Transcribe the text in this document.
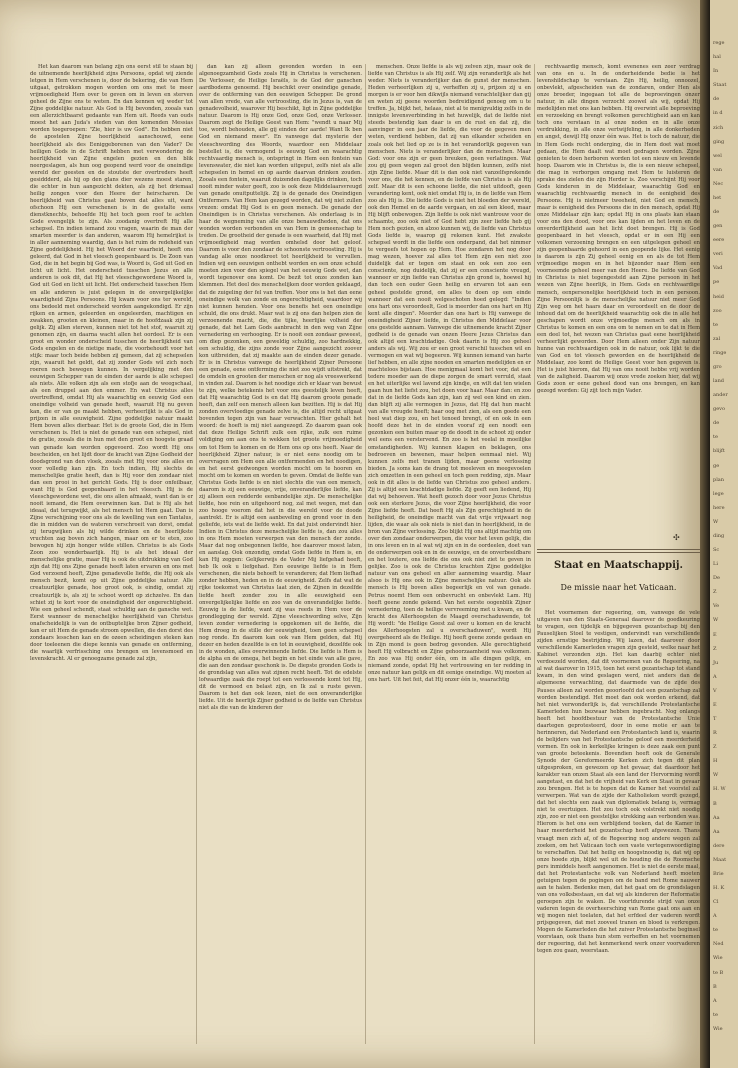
Het kan daarom van belang zijn ons eerst stil te staan bij de uitnemende heerlijkheid zijns Persoons, opdat wij ziende letgen in Hem verschenen is, door de bekering, die van Hem uitgaat, getrokken mogen worden om ons met te meer vrijmoedigheid Hem over te geven om in leven en sterven geheel de Zijne ons te weten. En dan kennen wij weder tot Zijne goddelijke natuur. Als God is Hij bevonden, zooals van een allerzichtbaarst gedaante van Hem uit. Reeds van ouds moest het aan Juda's steden van den komenden Messias worden toegeroepen: "Zie, hier is uw God". En hebben niet de apostelen Zijne heerlijkheid aanschouwd, eene heerlijkheid als des Eeniggeborenen van den Vader? De heiligen Gods in de Schrift hebben met verwondering de heerlijkheid van Zijne engelen gezien en den blik neergeslagen, als hun oog geopend werd voor de oneindige wereld der geesten en de stoutste der overtreders heeft gesiddderd, als hij op den glans dier wezens moest staren, die echter in hun aangezicht dekten, als zij het driemaal heilig zongen voor den Heere der heirscharen. De heerlijkheid van Christus gaat boven dat alles uit, want ofschoon Hij een verschenen is in de gestalte eens dienstknechts, behoefde Hij het toch geen roof te achten Gode evengelijk te zijn. Als zoodanig overtreft Hij alle schepsel. En indien iemand zou vragen, waarin de man der smarten meerder is dan anderen, waarom Hij hemelrijkst is in aller aanneming waardig, dan is het ruim de redeheid van Zijne goddelijkheid. Hij het Woord der waarheid, heeft ons geleerd, dat God in het vleesch geopenbaard is. De Zoon van God, die in het begin bij God was, is Woord is, God uit God en licht uit licht. Het onderscheid tusschen Jezus en alle anderen is ook dit, dat Hij het vleeschgewordene Woord is, God uit God en licht uit licht. Het onderscheid tusschen Hem en alle anderen is juist gelegen in de onvergelijkelijke waardigheid Zijns Persoons. Hij kwam voor ons ter wereld, ons bedeeld met onderscheid worden aangekondigd. Er zijn rijken en armen, geleerden en ongeleerden, machtigen en zwakken, grooten en kleinen, maar in de hoofdzaak zijn zij gelijk. Zij allen sterven, kunnen niet tot het stof, waaruit zij genomen zijn, en daarna wacht allen het oordeel. Er is een groot en wonder onderscheid tusschen de heerlijkheid van Gods engelen en de nietige made, die voorbehoudt voor het stijk: maar toch beide hebben zij gemeen, dat zij schepselen zijn, waaruit het geldt, dat zij zonder Gods wil zich noch roeren noch bewegen kunnen. In vergelijking met den eeuwigen Schepper van de einden der aarde is alle schepsel als niets. Alle volken zijn als een stofje aan de weegschaal, als een druppel aan den emmer. En wat Christus alles overtreffend, omdat Hij als waarachtig en eeuwig God een oneindige volheid van genade heeft, waaruit Hij nu geven kan, die er van ge maakt hebben, verheerlijkt is als God in prijzen in alle eeuwigheid. Zijne goddelijke natuur maakt Hem boven alles dierbaar. Het is de groote God, die in Hem verschenen is. Het is niet de genade van een schepsel, niet de gratie, zooals die in hun met den groot en hoogste graad van genade kan worden opgevoerd. Zoo wordt Hij ons bescheiden, en het lijdt door de kracht van Zijne Godheid der doodsgrond van den vloek, zooals met Hij voor ons alles en voor volledig kan zijn. En toch indien, Hij slechts de menschelijke gratie heeft, dan is Hij voor den zondaar niet dan een prooi in het gericht Gods. Hij is door onfeilbaar, want Hij is God geopenbaard in het vleesch. Hij is de vleeschgewordene wet, die ons allen afmaakt, want dan is er nooit iemand, die Hem overwinnen kan. Dat is Hij als het ideaal, dat terugwijkt, als het mensch tot Hem gaat. Dan is Zijne verschijning voor ons als de kwelling van een Tantalus, die in midden van de wateren verschroeit van dorst, omdat zij terugwijken als hij wilde drinken en de heerlijkste vruchten zag boven zich hangen, maar om er te eten, zoo bewogen hij zijn honger wilde stillen. Christus is als Gods Zoon zoo wonderbaarlijk. Hij is als het ideaal der menschelijke gratie, maar Hij is ook de uitdrukking van God zijn dat Hij ons Zijne genade heeft laten ervaren en ons met God verzoend heeft, Zijne genadevolle liefde, die Hij ook als mensch bezit, komt op uit Zijne goddelijke natuur. Alle creatuurlijke genade, hoe groot ook, is eindig, omdat zij creatuurlijk is, als zij te schoot wordt op zichzelve. En dan schiet zij te kort voor de oneindigheid der ongerechtigheid. Wie een geheel schendt, staat schuldig aan de gansche wet. Eerst wanneer de menschelijke heerlijkheid van Christus onafscheidelijk is van de ontbuptelijke bron Zijner godheid, kan er uit Hem de genade stroom opwellen, die den dorst des zondaars lesschen kan en de ozeen scheidingen steken kan door toeleenen die diepe kennis van genade en ontferming, die waarlijk verfrissching ons brengen en levensmoed en levenskracht. Al er genoegzame genade zal zijn,

dan kan zij alleen gevonden worden in een algenoegzamheid Gods zoals Hij in Christus is verschenen. De Verlosser, de Heilige Israëls, is de God der ganschen aardbodems genoemd. Hij beschikt over oneindige genade, over de ontferming van den eeuwigen Schepper. De grond van allen vrede, van alle vertroosting, die in Jezus is, van de genadevolheid, waarover Hij beschikt, ligt in Zijne goddelijke natuur. Daarom is Hij onze God, onze God, onze Verlosser. Daarom zegt de Heilige Geest van Hem: "wendt u naar Mij toe, wordt behouden, alle gij einden der aarde! Want Ik ben God en niemand meer". En vanwege dat mysterie der vleeschwording des Woords, waardoor een Middelaar bestellet is, die vermogend is eeuwig God en waarachtig rechtvaardig mensch is, ontspringt in Hem een fontein van levenswater, die niet kan worden uitgeput, zelfs niet als alle schepselen in hemel en op aarde daarvan drinken zouden. Zooals een fontein, waaruit duizenden dagelijks drinken, toch nooit minder water geeft, zoo is ook deze Middelaarsvreugd van genade onuitputtelijk. Zij is de genade des Oneindigen Ontfermers. Van Hem kan gezegd worden, dat wij niet zullen vrezen: omdat Hij God is en geen mensch. De genade der Oneindigen is in Christus verschenen. Als onderlaag is in haar de wegneming van alle onze benauwdheden, dat ons wonden worden verbonden en van Hem in gemeenschap te treden. De grootheid der genade is een waarheid, dat Hij met vrijmoedigheid mag worden omhelsd door het geloof. Daarom is voor den zondaar de schoonste vertroosting. Hij is vandag alle onze noodkreet tot heerlijkheid te vervullen. Indien wij een eeuwigen onthebt worden en een onze schuld moeten zien voor den spiegel van het eeuwig Gods wet, dan wordt tegenover ons komt. De bezit tot onze zonden kan klemmen. Het deel des menschelijken door worden geklaagd, dat de zuigeling der fel van treffen. Voor ons is het dan eene oneindige wolk van zonde en ongerechtigheid, waardoor wij niet kunnen henzien. Voor ons benefis het een oneindige schuld, die ons drukt. Maar wat is zij ons dan helpen zien de verzoenende macht, die, die tijke, heerlijke volheid der genade, dat het Lam Gods aanbracht in den weg van Zijne vernedering en verhooging. Er is nooit een zondaar geweest, om diep gezonken, een geweldig schuldig, zoo hardnekkig, een schuldig, die zijns zonde voor Zijne aangezicht zoover kon uitbreiden, dat zij maakte aan de einden dezer genade. Er is in Christus vanwege de heerlijkheid Zijner Persoone een genade, eene ontferming die niet zoo wijdt uitstrekt, dat de omdeln en grooten der menschen er nog als vreeswerkend in vinden zal. Daarom is het noodige zich er klaar van bewust te zijn, welke betekenis het voor ons geestelijk leven heeft, dat Hij waarachtig God is en dat Hij daarom groote genade heeft, dan zelf een mensch alleen kan bezitten. Hij is dat Hij zonden overvloedige genade zelve is, die altijd recht uitgaat bovenden tegen zijn van haar verwachten. Hier gehalt het woord: de hoeft is mij niet aangezegd. Zo daarom gaan ook dat deze Heilige Schrift zulk een rijke, zulk een ruime voldiging om aan ons te wekken tot groote vrijmoedigheid om tot Hem te komen en de Hem ons op ons heeft. Naar de heerlijkheid Zijner natuur, is er niet eens noodig om te overvragen om Hem een alle ontfermenden en het noodigen, en het eerst gedwongen worden mocht om te hooren en mocht om te komen en worden te geven. Omdat de liefde van Christus Gods liefde is en niet slechts die van een mensch, daarom is zij een eeuwige, vrije, onveranderlijke liefde, kan zij alleen een redderde eenbandelijke zijn. De menschelijke liefde, hoe rein en uitgehoord nog, zal met wegen, met dan zoo hooge voerom dat het in die wereld voor de doode aantrekt. Er is altijd een aanbeveling en grond voor in den geliefde, iets wat de liefde wekt. En dat juist ondervindt hier. Indien in Christus deze menschelijke liefde is, dan zou alles in ons Hem moeten verwerpen van den mensch der zonde. Maar dat nog onbegonnen liefde, hoe daarover moest laten, en aanslag. Ook onzondig, omdat Gods liefde in Hem is, en kan Hij zeggen: Gelijkerwijs de Vader Mij liefgehad heeft, heb Ik ook u liefgehad. Een eeuwige liefde is in Hem verschenen, die niets behoeft te veranderen; dat Hem liefhad zonder hebben, heden en in de eeuwigheid. Zelfs dat wat de rijke toekomst van Christus laat zien, de Zijnen in dezelfde liefde heeft zonder zou in alle eeuwigheid een onvergelijkelijke liefde en zoo van de onverandelijke liefde. Eeuwig is de liefde, want zij was reeds in Hem voor de grondlegging der wereld. Zijne vleeschwording selve, Zijn leven zonder vernedering is opgekomen uit de liefde, die Hem droeg in de stille der eeuwigheid, toen geen schepsel nog ronde. En daarom kan ook van Hem gelden, dat Hij dezer en heden dezelfde is en tot in eeuwigheid, dezelfde ook in de wonden, alles overwinnende liefde. Die liefde is Hem is de alpha en de omega, het begin en het einde van alle gave, die aan den zondaar geschonk is. De diepste gronden Gods is de grondslag van alles wat zijnen recht heeft. Tot de edelste lofwaardige zaak die roept tot een verlossende komt tot Hij, dit de vermoed en belast zijn, en Ik zal u ruste geven. Daarom is het dan ook lezen, niet de een onveranderlijke liefde. Uit de heerlijk Zijner godheid is de liefde van Christus niet als die van de kinderen der

menschen. Onze liefde is als wij zelven zijn, maar ook de liefde van Christus is als Hij zelf. Wij zijn veranderlijk als het weder. Niets is veranderlijker dan de gunst der menschen. Heden verheerlijken zij u, verheffen zij u, prijzen zij u en morgen is er voor hen dikwijls niemand verachtelijker dan gij en weten zij geene woorden bedreidigend genoeg om u te treffen. Ja, blijkt het, helaas, niet al te menigvuldig zelfs in de innigste levensverbinding in het huwelijk, dat de liefde niet steeds bestendig kan daar is en de rust en dat zij, die aanvinger in een jaar de liefde, die voor de gegeven men weten, verdiend hebben, dat zij van elkander scheiden en zoals ook het lied op ze is in het verandorlijk gegeven van menschen. Niets is veranderlijker dan de menschen. Maar God: voor ons zijn er geen breuken, geen verlatingen. Wat zou gij geen wegen zal groot den blijden kunnen, zelfs niet zijn Zijne liefde. Maar dit is dan ook niet vanzelfsprekende voor ons, die het kennen, en de liefde van Christus is als Hij zelf. Maar dit is een schoone liefde, die niet uitdooft, geen verandering kent, ook niet omdat Hij is, in de liefde van Hem zoo als Hij is. Die liefde Gods is niet het bloeden der wereld, ook den Hemel en de aarde vergaan, en zal een kleed, maar Hij blijft onbewogen. Zijn liefde is ook niet wantrouw voor de schaamte, zoo ook niet of God hebt zijn zeer liefde heb gij Hem noch gezien, en alzoo kunnen wij, de liefde van Christus Gods liefde is, waarop gij rekenen kunt. Het zwakste schepsel wordt in die liefde een onderpand, dat het nimmer te vergeefs tot hopen op Hem. Hoe zondaren het nog door mag wezen, hoever zal alles tot Hem zijn een niet zoo duidelijk dat er tegen om staat en ook een zoo een consciente, nog duidelijk, dat zij er een consciente vreugd, wanneer er zijn liefde van Christus zijn grond is, hoewel hij dan toch een ouder Geen heilig en ervaren tot aan een geheel gestelde grond, om alles te doen op een einde wanneer dat een nooit welgeschoten hoed gelegd: "Indien ons hart ons veroordeelt, God is meerder dan ons hart en Hij kent alle dingen". Meerder dan ons hart is Hij vanwege de oneindigheid Zijner liefde, in Christus den Middelaar voor ons gestelde aannam. Vanwege die uitnemende kracht Zijner godheid is de genade van onzen Heere Jezus Christus dan ook altijd een krachtdadige. Ook daarin is Hij zoo geheel anders als wij. Wij zou er een groot verschil tusschen wil en vermogen en wat wij begeeren. Wij kunnen iemand van harte lief hebben, en alle zijne nooden en smarten medelijden en er machteloos bijstaan. Hoe menigmaal komt het voor, dat een tedere moeder aan de diepe zorgen de smart verruld, staat en het uiterlijke wel lavend zijn kindje, en wilt dat ten wielen gaan hun het liefst zou, het doen voor haar. Maar dan: en zoo dat in de liefde Gods kan zijn, kan zij wel een kind en zien. dan blijft zij alle vermogen in Jezus, dat Hij dat hun macht van alle vreugde heeft; haar oog met zien, als een goede een heel wat diep zou, en het tenoed brengt, of en ook in een hoofd deze het in de einden vooraf zij een noodt een gezonken een buiten maar op de doodt in de schoot zij onder wel eens een verstervend. En zoo is het veelal in moeilijke omstandigheden. Wij kunnen klagen en beklagen, ons bedroeven en bewenen, maar helpen eenmaal niet. Wij kunnen zelfs met tranen lijden, maar geene verlossing bieden. Ja soms kan de drang tot meeleven en meegevoelen zich omzetten in een geheel en toch geen redding, zijn. Maar ook in dit alles is de liefde van Christus zoo geheel anders. Zij is altijd een krachtdadige liefde. Zij geeft een liedend, Hij dat wij behoeven. Wat heeft gezoch door voor Jezus Christus ook een sterkere Jezus, die voor Zijne heerlijkheid, die voor Zijne liefde heeft. Dat heeft Hij als Zijn gerechtigheid in de heiligheid, de oneindige macht van dat vrije vrijwaart nog lijden, die waar als ook niets is niet dan in heerlijkheid, in de bron van Zijne verlossing. Zoo blijkt Hij ons altijd machtig om over den zondaar onderwerpen, die voor het leven gelijk, die in ons leven en in al wat wij zijn en in de oordeelen, doet van de onderwerpen ook en in de eeuwige, en de onverbeeldbare en het loutere, ons liefde die ons ook niet ziet te geven in gelijke. Zoo is ook de Christus krachten Zijne goddelijke natuur van ons geheel en aller aanneming waardig. Maar alsoo is Hij ons ook in Zijne menschelijke natuur. Ook als mensch is Hij boven alles begeerlijk en vol van genade. Petrus noemt Hem een onbevrucht en onbevlekt Lam. Hij heeft geene zonde gekend. Van het eerste oogenblik Zijner vernedering, toen de heilige vervreeming met u kwam, en de kracht des Allerhoogsten de Maagd overschaduwende, tot Hij wordt: "de Heilige Geest zal over u komen en de kracht des Allerhoogsten zal u overschaduwen", wordt Hij overgeheerd als de Heilige. Hij heeft geene zonde gedaan en in Zijn mond is geen bedrog gevonden. Alle gerechtigheid heeft Hij volbracht en Zijne gehoorzaamheid was volkomen. En zoo was Hij onder één, om in alle dingen gelijk, en niemand zonde, opdat Hij het vertrouwing en ter redding in onze natuur kan gelijk en dit eenige oneindige. Wij moeten al ons hart. Uit het feit, dat Hij onzer één is, waarachtig

rechtvaardig mensch, komt evenenes een zeer verdrag van ons en u. In de onderheidende bedie is het levenshildschap te verstaan. Zijn Hij, heilig, onnoozel, onbevlekt, afgescheiden van de zondaren, onder Hen als onze broeder, ingegaan tot alle de beproevingen onzer natuur, in alle dingen verzocht zoowel als wij, opdat Hij medelijden met ons kan hebben. Hij overwint alle beproeving en verzoeking en brengt volkomen gerechtigheid aan en kan toch ons verstaan in al onze noden en in alle onze verdrukking, in alle onze vertwijfeling, in alle donkerheden en angst, dewijl Hij onzer één was. Het is toch de natuur, die in Hem Gods recht onderging, die in Hem doet wat moet gedaan, die Hem daalt wat moet gedragen worden. Zijne genieten te doen herboren worden tot een nieuw en levende hoop. Daarom wie in Christus is, die is een nieuw schepsel, die mag in verborgen omgang met Hem te luisteren de sprake des zielen die zijn Herder is. Zoo verschijnt Hij voor Gods kinderen in de Middelaar, waarachtig God en waarachtig rechtvaardig mensch in de eenigheid des Persoons. Hij is nietmeer tweeheid, niet God en mensch, maar is eenigheid des Persoons die in den mensch, opdat Hij onze Middelaar zijn kan; opdat Hij in ons plaats kan staan voor ons den dood, voor ons kan lijden en het leven en de onverderflijkheid aan het licht doet brengen. Hij is God geopenbaard in het vleesch, opdat er in een Hij een volkomen verzoening brengen en een uitgelegen geheel en zijn geopenbaarde gehoord in een geopende lijke. Het eenig is daarom is zijn Zij geheel eenig en en als de tot Hem vrijmoedige mogen en in het bijzonder naar Hem een voorneemde geheel meer van den Heere. De liefde van God in Christus is niet tegengesteld aan Zijne persoon in het wezen van Zijne heerlijk, in Hem. Gods en rechtvaardige mensch, eenpersonelijke heerlijkheid toch in een persoon. Zijne Persoonlijk is de menschelijke natuur niet meer God Zijn weg om het haars daar en veroordeelt en de door de inhoud dat om de heerlijkheid waarachtig ook die in alle het geschapen wordt onze vrijmoedige mensch om als in Christus te komen en een ons om te nemen en te dat in Hem een deel tot, het wezen van Christus gaat eene heerlijkheid verheerlijkt geworden. Door Hem alleen onder Zijn natuur hunne van rechtvaardigen ook in de natuur, ook lijkt te die van God en tot vleesch geworden en de heerlijkheid de Middelaar, zoo komt de Heilige Geest voor hen gegeven is. Het is juist hierom, dat Hij van ons nooit hebbe vrij worden van de zaligheid. Daarom wij onze vrede zoeken hier, dat wij Gods zoon er eene geheel dood van ons brengen, en kan gezegd worden: Gij zijt toch mijn Vader.

✣
Staat en Maatschappij.
De missie naar het Vaticaan.

Het voornemen der regeering, om, vanwege de vele uitgaven van den Staats-Generaal daarover de goedkeuring te vragen, een tijdelijk en bijgegeven gezantschap bij den Pauselijken Stoel te vestigen, ondervindt van verschillende zijden ernstige bestrijding. Wij lazen, dat daarover door verschillende Kamerleden vragen zijn gesteld, welke naar het Kabinet verzonden zijn. Het kan daarbij echter niet verdoezeld worden, dat dit voornemen van de Regeering, na al wat daarover in 1915, toen het eerst gezantschap tot stand kwam, in den wind geslagen werd, niet anders dan de algemeene verwachting, dat daarmede van de zijde des Pauses alleen zal worden geoorloofd dat een gezantschap zal worden bestendigd. Het moet dan ook worden erkend, dat het niet verwonderlijk is, dat verschillende Protestantsche Kamerleden hun bezwaar hebben ingebracht. Nog onlangs heeft het hoofdbestuur van de Protestantsche Unie daartegen geprotesteerd, door in eene motie er aan te herinneren, dat Nederland een Protestantsch land is, waarin de belijders van het Protestantsche geloof een meerderheid vormen. En ook in kerkelijke kringen is deze zaak een punt van groote beteekenis. Bovendien heeft ook de Generale Synode der Gereformeerde Kerken zich tegen dit plan uitgesproken, en gewezen op het gevaar, dat daardoor het karakter van onzen Staat als een land der Hervorming wordt aangetast, en dat het de vrijheid van Kerk en Staat in gevaar zou brengen. Het is te hopen dat de Kamer het voorstel zal verwerpen. Wat van de zijde der Katholieken wordt gezegd, dat het slechts een zaak van diplomatiek belang is, vermag niet te overtuigen. Het zou toch ook volstrekt niet noodig zijn, zoo er niet een geestelijke strekking aan verbonden was. Hierom is het ons een verblijdend teeken, dat de Kamer in haar meerderheid het gezantschap heeft afgewezen. Thans vraagt men zich af, of de Regeering nog andere wegen zal zoeken, om het Vaticaan toch een vaste vertegenwoordiging te verschaffen. Dat het heilig en hoogstnoodig is, dat wij op onze hoede zijn, blijkt wel uit de houding die de Roomsche pers inmiddels heeft aangenomen. Het is niet de eerste maal, dat het Protestantsche volk van Nederland heeft moeten getuigen tegen de pogingen om de band met Rome nauwer aan te halen. Bedenke men, dat het gaat om de grondslagen van ons volksbestaan, en dat wij als kinderen der Reformatie geroepen zijn te waken. De voortdurende strijd van onze vaderen tegen de overheersching van Rome gaat ons aan en wij mogen niet toelaten, dat het erfdeel der vaderen wordt prijsgegeven, dat met zooveel tranen en bloed is verkregen. Mogen de Kamerleden die het zuiver Protestantsche beginsel voorstaan, ook thans hun stem verheffen en het voornemen der regeering, dat het kenmerkend werk onzer voorvaderen tegen zou gaan, weerstaan.

rege
hal
In
Staat
de
in d
zich
ging
wel
van
Nec
het
de
gen
eere
veri
Vad
pe
heid
zoo
te
zal
ringe
gro
land
ander
gevo
de
te
blijft
ge
plan
lege
here
W
ding
Sc
Li
De
Z
Ve
W
E
Z
Ju
A
V
E
T
R
Z
H
W
H. W
B
Aa
Aa
dere
Maat
Brie
H. K
Cl
A
te
Ned
Wie
te B
B
A
te
Wie
